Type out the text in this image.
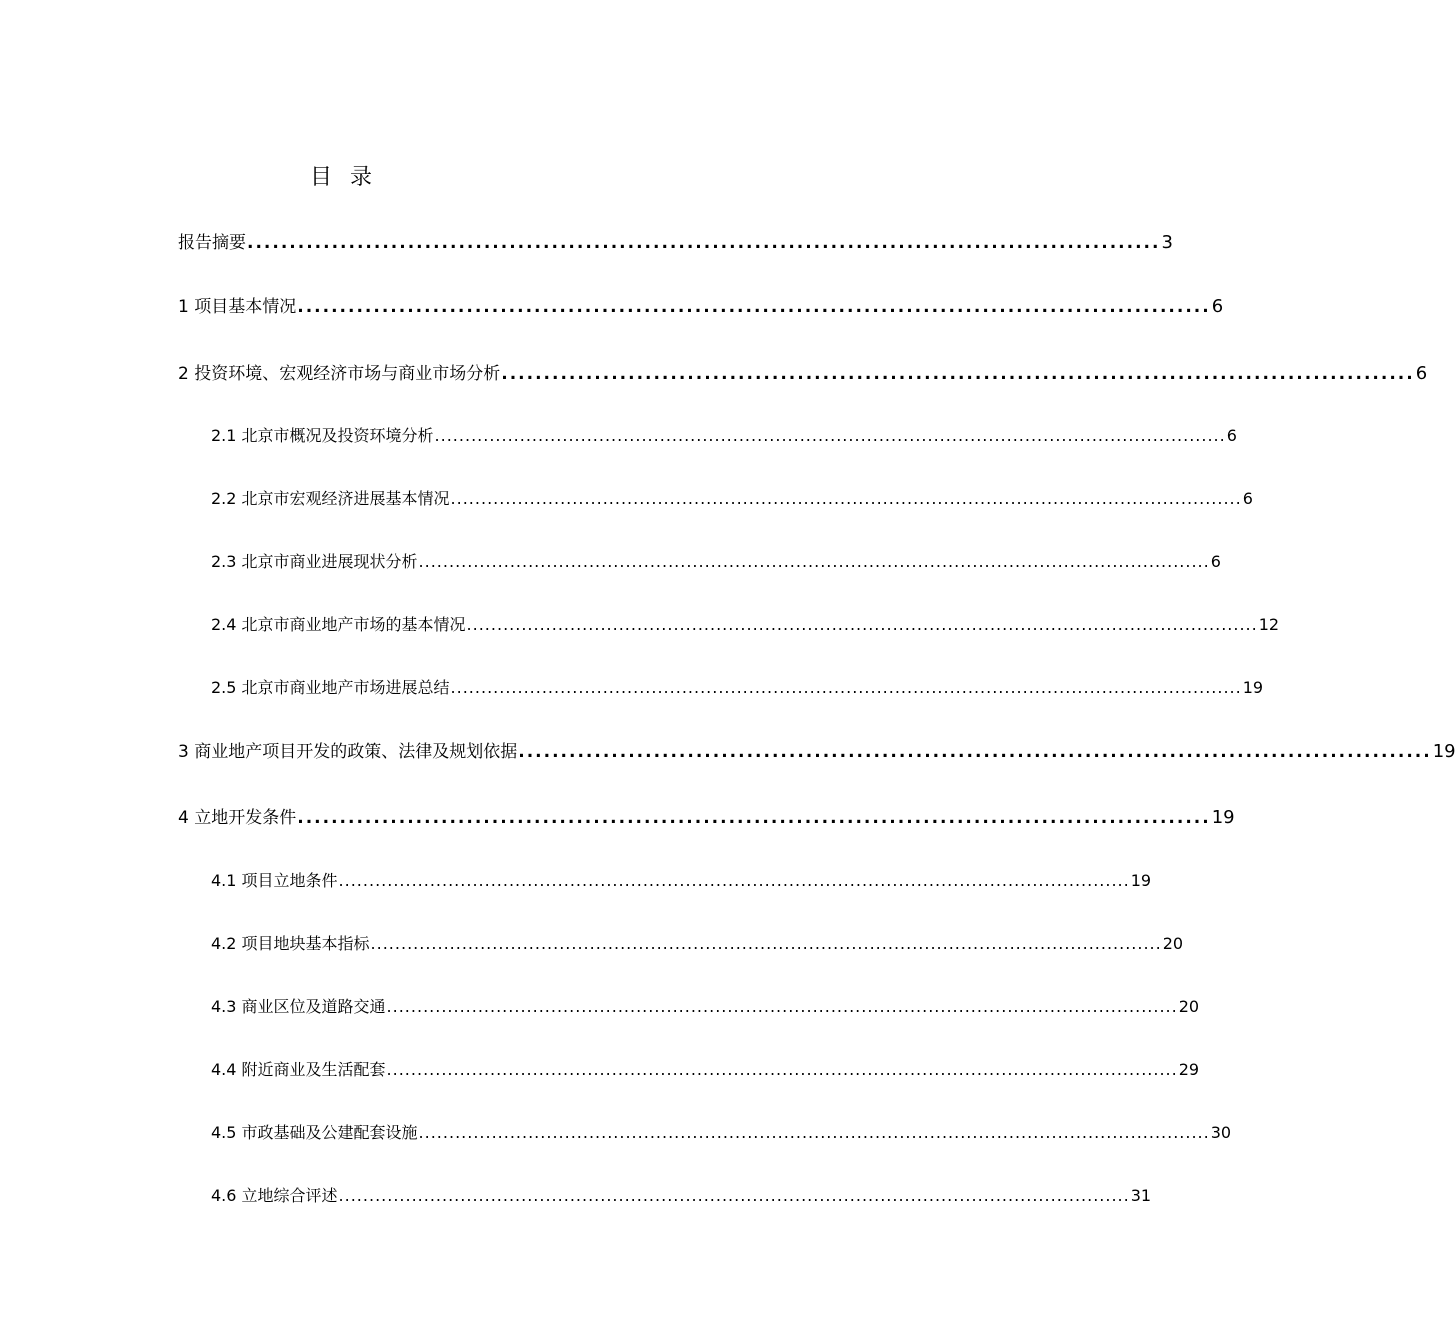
目录
报告摘要 ............................................................................................................ 3
1 项目基本情况 ............................................................................................................ 6
2 投资环境、宏观经济市场与商业市场分析 ............................................................................................................ 6
2.1 北京市概况及投资环境分析 .................................................................................................................................. 6
2.2 北京市宏观经济进展基本情况 .................................................................................................................................. 6
2.3 北京市商业进展现状分析 .................................................................................................................................. 6
2.4 北京市商业地产市场的基本情况 .................................................................................................................................. 12
2.5 北京市商业地产市场进展总结 .................................................................................................................................. 19
3 商业地产项目开发的政策、法律及规划依据 ............................................................................................................ 19
4 立地开发条件 ............................................................................................................ 19
4.1 项目立地条件 .................................................................................................................................. 19
4.2 项目地块基本指标 .................................................................................................................................. 20
4.3 商业区位及道路交通 .................................................................................................................................. 20
4.4 附近商业及生活配套 .................................................................................................................................. 29
4.5 市政基础及公建配套设施 .................................................................................................................................. 30
4.6 立地综合评述 .................................................................................................................................. 31
